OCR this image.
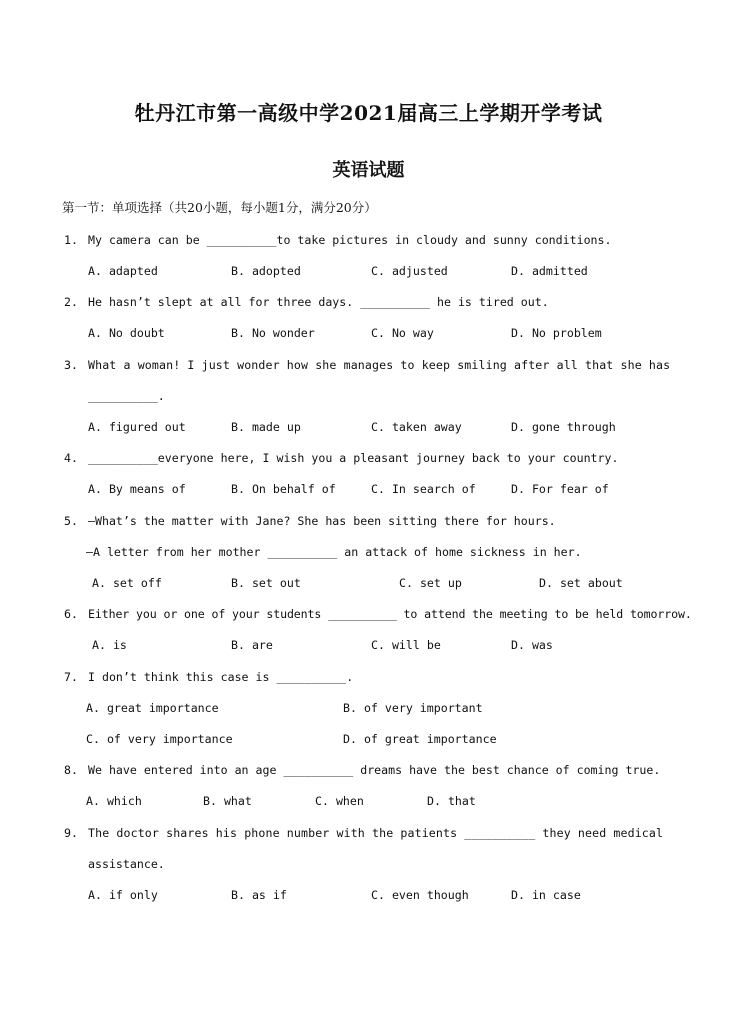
牡丹江市第一高级中学2021届高三上学期开学考试
英语试题
第一节：单项选择（共20小题，每小题1分，满分20分）
1. My camera can be __________to take pictures in cloudy and sunny conditions.
A. adapted	B. adopted	C. adjusted	D. admitted
2. He hasn’t slept at all for three days. __________ he is tired out.
A. No doubt	B. No wonder	C. No way	D. No problem
3. What a woman! I just wonder how she manages to keep smiling after all that she has
__________.
A. figured out	B. made up	C. taken away	D. gone through
4. __________everyone here, I wish you a pleasant journey back to your country.
A. By means of	B. On behalf of	C. In search of	D. For fear of
5. —What’s the matter with Jane? She has been sitting there for hours.
—A letter from her mother __________ an attack of home sickness in her.
A. set off	B. set out	C. set up	D. set about
6. Either you or one of your students __________ to attend the meeting to be held tomorrow.
A. is	B. are	C. will be	D. was
7. I don’t think this case is __________.
A. great importance	B. of very important
C. of very importance	D. of great importance
8. We have entered into an age __________ dreams have the best chance of coming true.
A. which	B. what	C. when	D. that
9. The doctor shares his phone number with the patients __________ they need medical
assistance.
A. if only	B. as if	C. even though	D. in case
